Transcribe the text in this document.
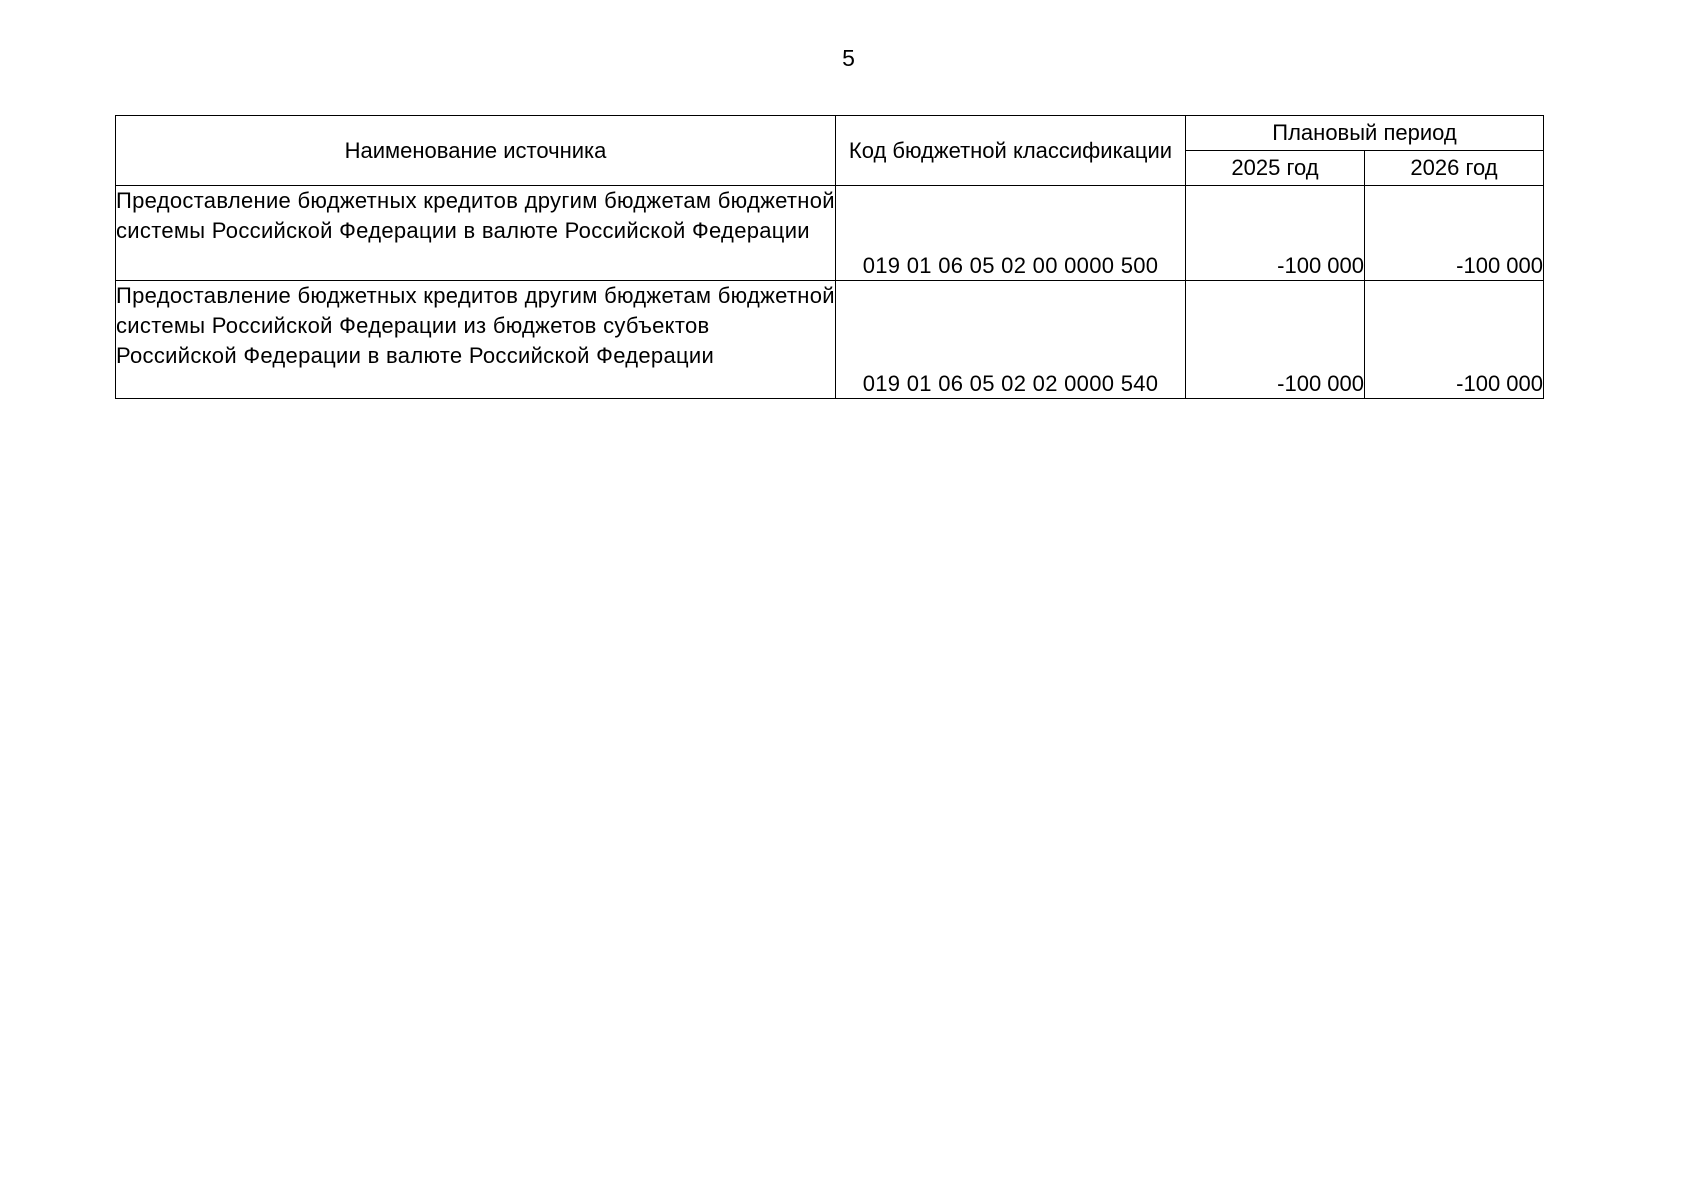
5
Наименование источника	Код бюджетной классификации	Плановый период	
		2025 год	2026 год
Предоставление бюджетных кредитов другим бюджетам бюджетной системы Российской Федерации в валюте Российской Федерации	019 01 06 05 02 00 0000 500	-100 000	-100 000
Предоставление бюджетных кредитов другим бюджетам бюджетной системы Российской Федерации из бюджетов субъектов Российской Федерации в валюте Российской Федерации	019 01 06 05 02 02 0000 540	-100 000	-100 000
